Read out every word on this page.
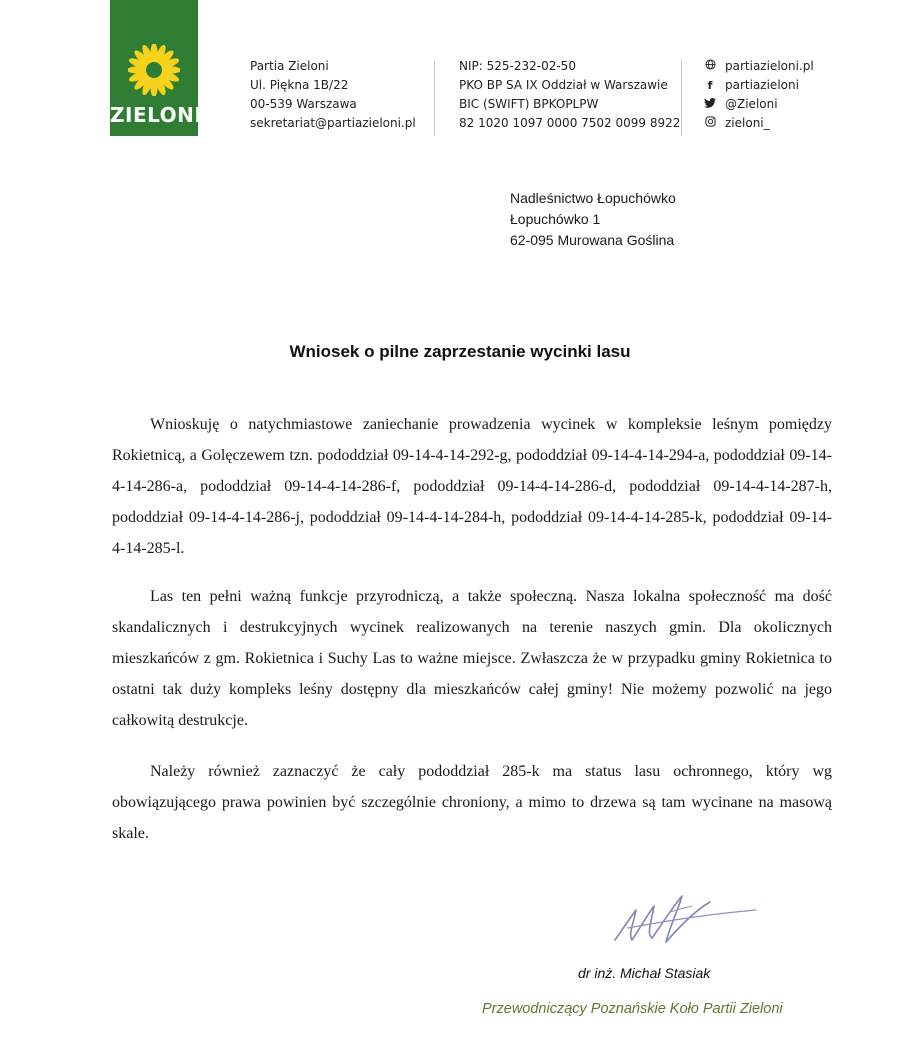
ZIELONI
Partia Zieloni
Ul. Piękna 1B/22
00-539 Warszawa
sekretariat@partiazieloni.pl
NIP: 525-232-02-50
PKO BP SA IX Oddział w Warszawie
BIC (SWIFT) BPKOPLPW
82 1020 1097 0000 7502 0099 8922
partiazieloni.pl
f	partiazieloni
@Zieloni
zieloni_
Nadleśnictwo Łopuchówko
Łopuchówko 1
62-095 Murowana Goślina
Wniosek o pilne zaprzestanie wycinki lasu
Wnioskuję o natychmiastowe zaniechanie prowadzenia wycinek w kompleksie leśnym pomiędzy Rokietnicą, a Golęczewem tzn. pododdział 09-14-4-14-292-g, pododdział 09-14-4-14-294-a, pododdział 09-14-4-14-286-a, pododdział 09-14-4-14-286-f, pododdział 09-14-4-14-286-d, pododdział 09-14-4-14-287-h, pododdział 09-14-4-14-286-j, pododdział 09-14-4-14-284-h, pododdział 09-14-4-14-285-k, pododdział 09-14-4-14-285-l.
Las ten pełni ważną funkcje przyrodniczą, a także społeczną. Nasza lokalna społeczność ma dość skandalicznych i destrukcyjnych wycinek realizowanych na terenie naszych gmin. Dla okolicznych mieszkańców z gm. Rokietnica i Suchy Las to ważne miejsce. Zwłaszcza że w przypadku gminy Rokietnica to ostatni tak duży kompleks leśny dostępny dla mieszkańców całej gminy! Nie możemy pozwolić na jego całkowitą destrukcje.
Należy również zaznaczyć że cały pododdział 285-k ma status lasu ochronnego, który wg obowiązującego prawa powinien być szczególnie chroniony, a mimo to drzewa są tam wycinane na masową skale.
dr inż. Michał Stasiak
Przewodniczący Poznańskie Koło Partii Zieloni
